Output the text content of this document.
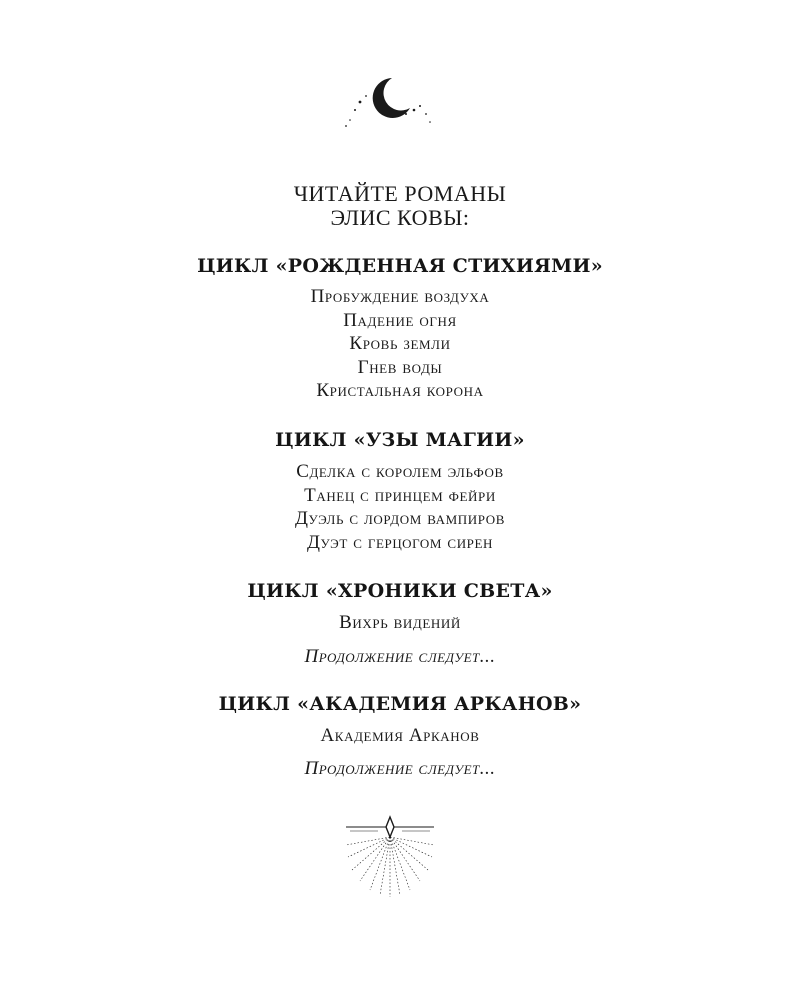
ЧИТАЙТЕ РОМАНЫ

ЭЛИС КОВЫ:

ЦИКЛ «РОЖДЕННАЯ СТИХИЯМИ»

Пробуждение воздуха
Падение огня
Кровь земли
Гнев воды
Кристальная корона

ЦИКЛ «УЗЫ МАГИИ»

Сделка с королем эльфов
Танец с принцем фейри
Дуэль с лордом вампиров
Дуэт с герцогом сирен

ЦИКЛ «ХРОНИКИ СВЕТА»

Вихрь видений

Продолжение следует...

ЦИКЛ «АКАДЕМИЯ АРКАНОВ»

Академия Арканов

Продолжение следует...
